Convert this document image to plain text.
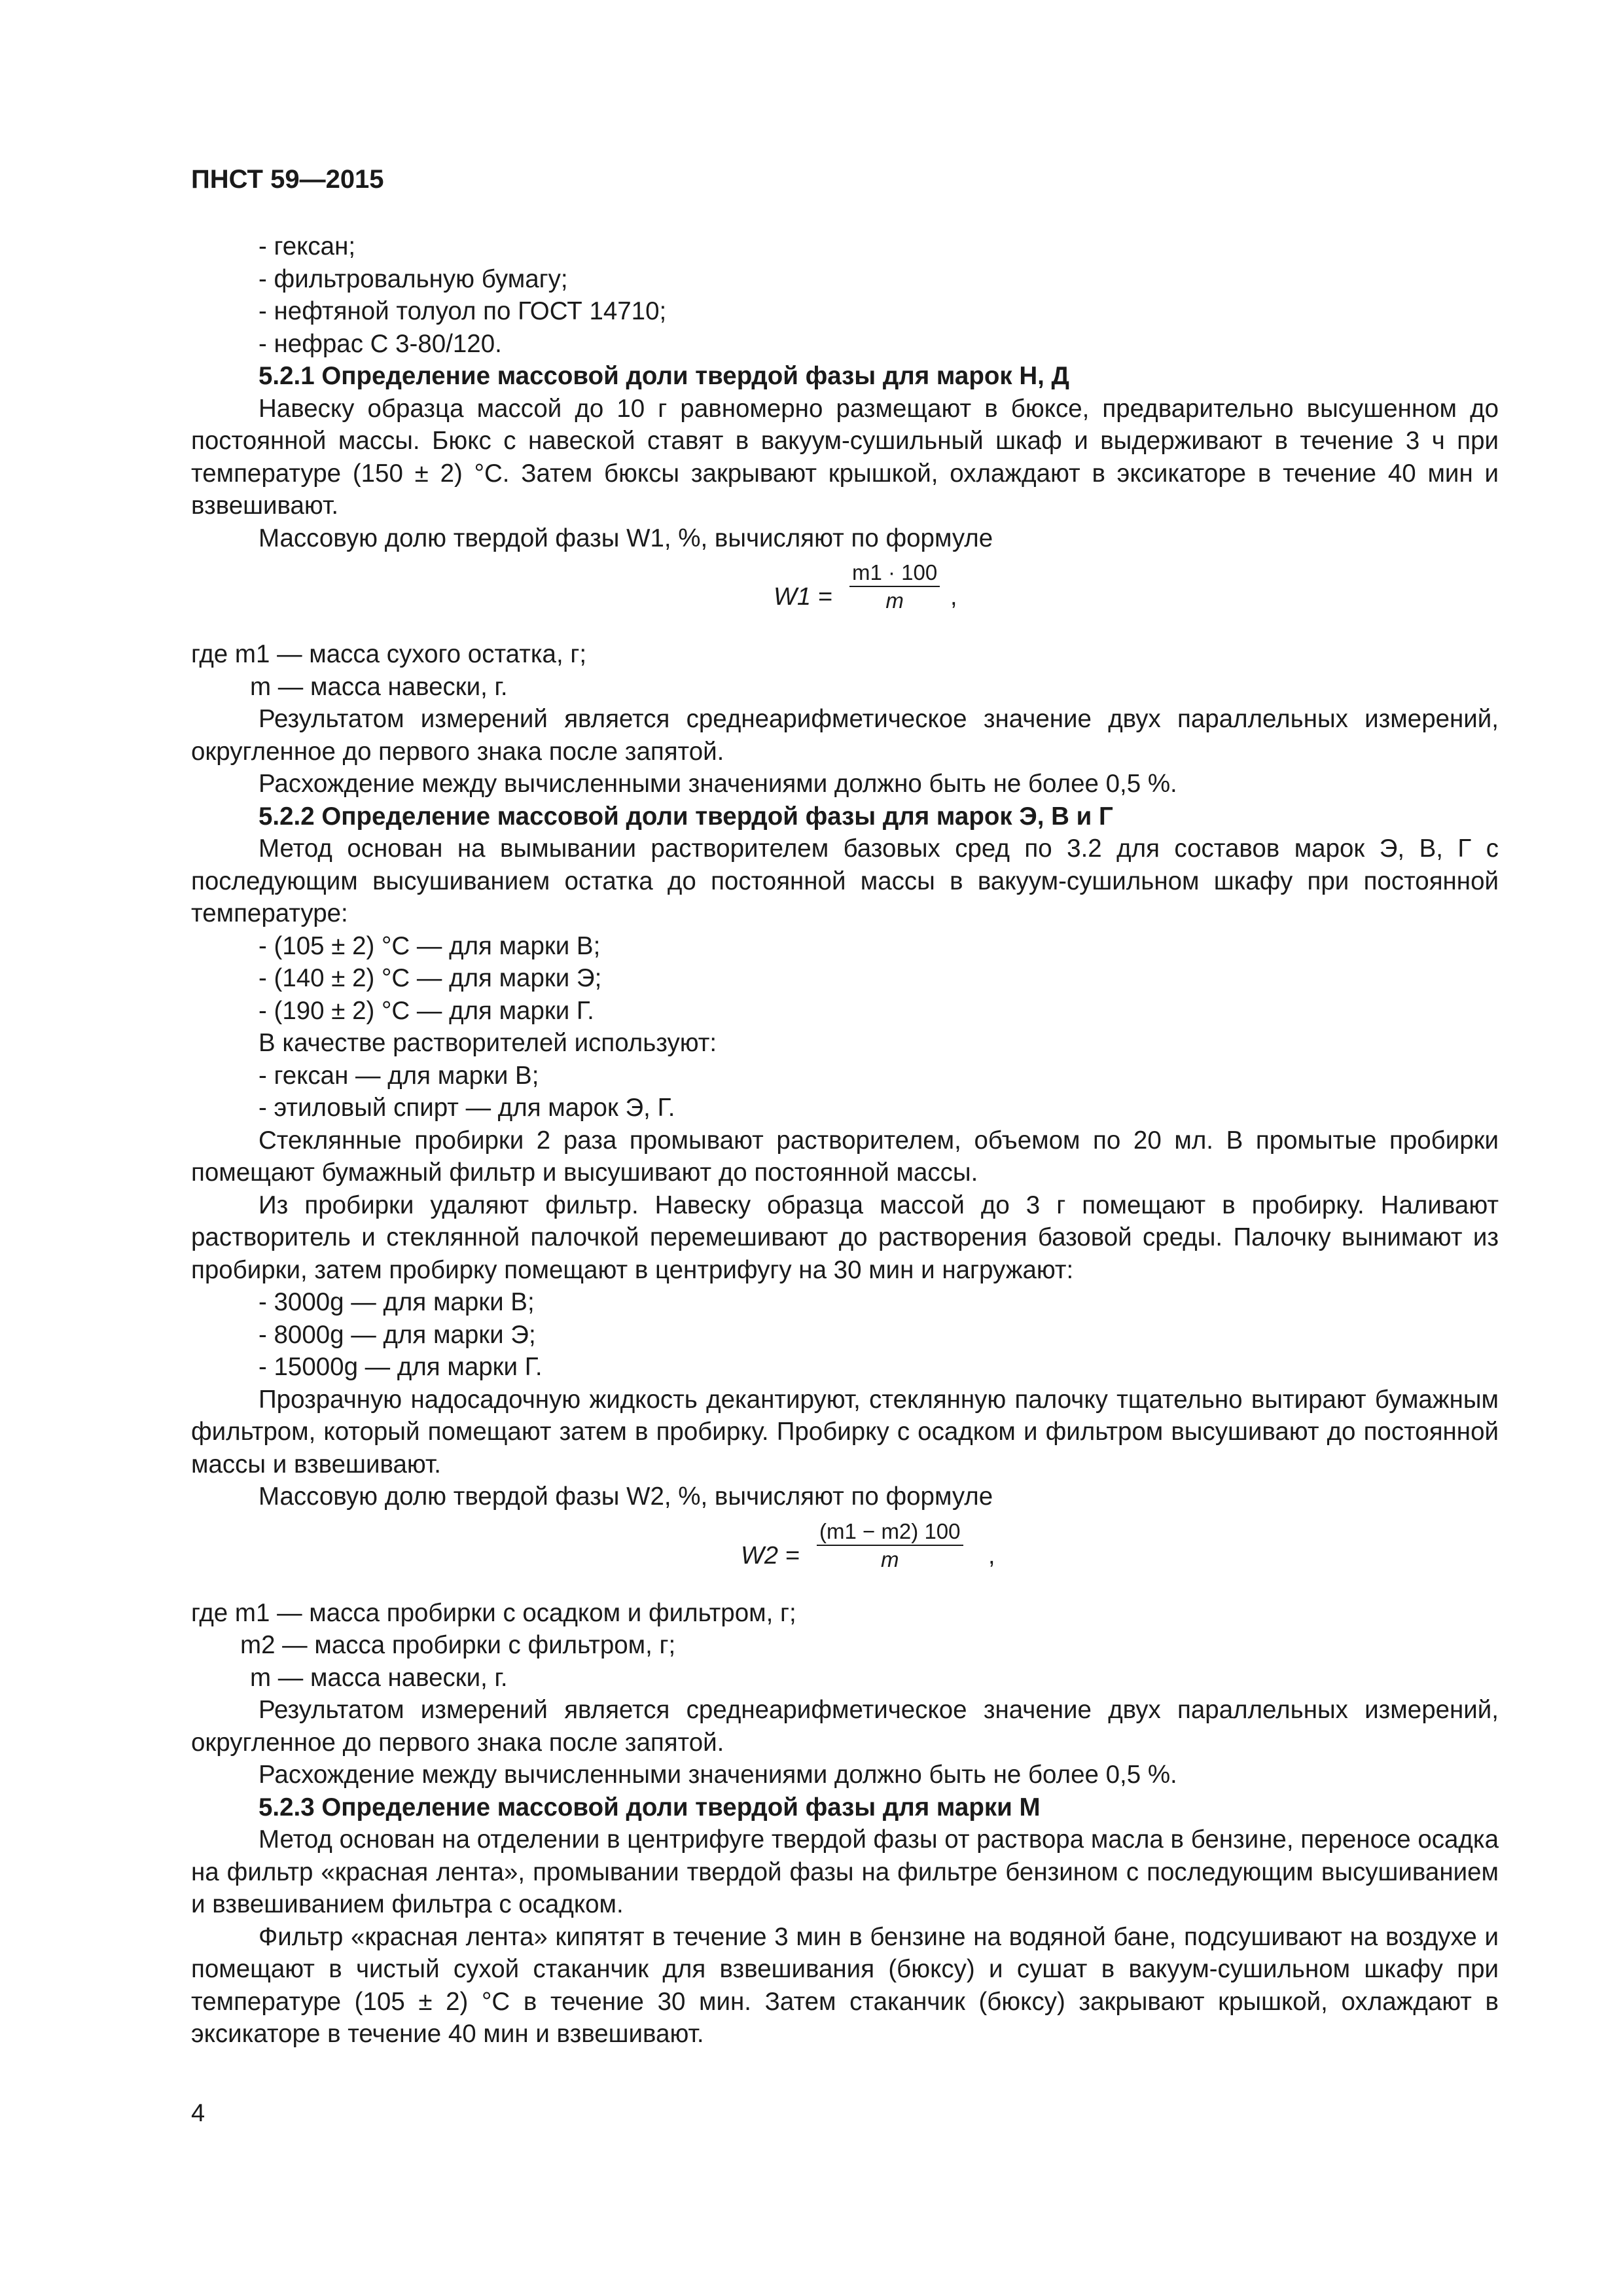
ПНСТ 59—2015

- гексан;

- фильтровальную бумагу;

- нефтяной толуол по ГОСТ 14710;

- нефрас С 3-80/120.

5.2.1 Определение массовой доли твердой фазы для марок Н, Д

Навеску образца массой до 10 г равномерно размещают в бюксе, предварительно высушенном до постоянной массы. Бюкс с навеской ставят в вакуум-сушильный шкаф и выдерживают в течение 3 ч при температуре (150 ± 2) °С. Затем бюксы закрывают крышкой, охлаждают в эксикаторе в течение 40 мин и взвешивают.

Массовую долю твердой фазы W1, %, вычисляют по формуле

W1 =
m1 · 100
m	,

где m1 — масса сухого остатка, г;

m — масса навески, г.

Результатом измерений является среднеарифметическое значение двух параллельных измерений, округленное до первого знака после запятой.

Расхождение между вычисленными значениями должно быть не более 0,5 %.

5.2.2 Определение массовой доли твердой фазы для марок Э, В и Г

Метод основан на вымывании растворителем базовых сред по 3.2 для составов марок Э, В, Г с последующим высушиванием остатка до постоянной массы в вакуум-сушильном шкафу при постоянной температуре:

- (105 ± 2) °С — для марки В;

- (140 ± 2) °С — для марки Э;

- (190 ± 2) °С — для марки Г.

В качестве растворителей используют:

- гексан — для марки В;

- этиловый спирт — для марок Э, Г.

Стеклянные пробирки 2 раза промывают растворителем, объемом по 20 мл. В промытые пробирки помещают бумажный фильтр и высушивают до постоянной массы.

Из пробирки удаляют фильтр. Навеску образца массой до 3 г помещают в пробирку. Наливают растворитель и стеклянной палочкой перемешивают до растворения базовой среды. Палочку вынимают из пробирки, затем пробирку помещают в центрифугу на 30 мин и нагружают:

- 3000g — для марки В;

- 8000g — для марки Э;

- 15000g — для марки Г.

Прозрачную надосадочную жидкость декантируют, стеклянную палочку тщательно вытирают бумажным фильтром, который помещают затем в пробирку. Пробирку с осадком и фильтром высушивают до постоянной массы и взвешивают.

Массовую долю твердой фазы W2, %, вычисляют по формуле

W2 =
(m1 − m2) 100
m	,

где m1 — масса пробирки с осадком и фильтром, г;

m2 — масса пробирки с фильтром, г;

m — масса навески, г.

Результатом измерений является среднеарифметическое значение двух параллельных измерений, округленное до первого знака после запятой.

Расхождение между вычисленными значениями должно быть не более 0,5 %.

5.2.3 Определение массовой доли твердой фазы для марки М

Метод основан на отделении в центрифуге твердой фазы от раствора масла в бензине, переносе осадка на фильтр «красная лента», промывании твердой фазы на фильтре бензином с последующим высушиванием и взвешиванием фильтра с осадком.

Фильтр «красная лента» кипятят в течение 3 мин в бензине на водяной бане, подсушивают на воздухе и помещают в чистый сухой стаканчик для взвешивания (бюксу) и сушат в вакуум-сушильном шкафу при температуре (105 ± 2) °С в течение 30 мин. Затем стаканчик (бюксу) закрывают крышкой, охлаждают в эксикаторе в течение 40 мин и взвешивают.

4
